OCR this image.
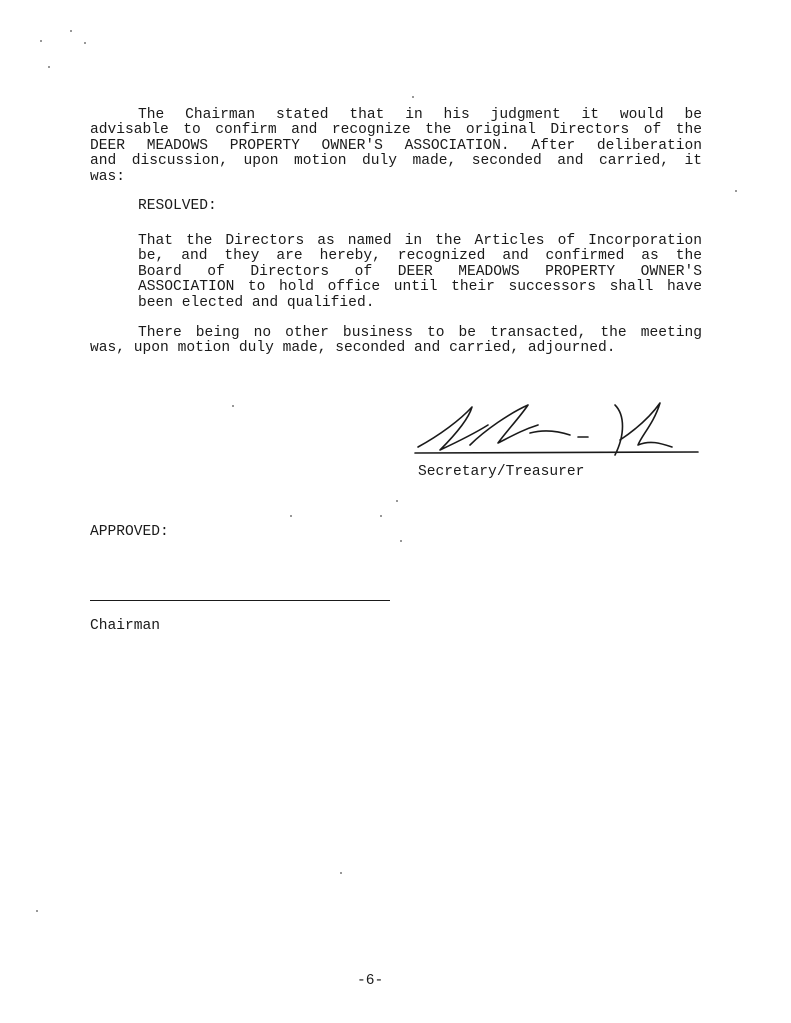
The Chairman stated that in his judgment it would be
advisable to confirm and recognize the original Directors of the
DEER MEADOWS PROPERTY OWNER'S ASSOCIATION. After deliberation
and discussion, upon motion duly made, seconded and carried, it
was:
RESOLVED:
That the Directors as named in the Articles of Incorporation
be, and they are hereby, recognized and confirmed as the
Board of Directors of DEER MEADOWS PROPERTY OWNER'S
ASSOCIATION to hold office until their successors shall have
been elected and qualified.
There being no other business to be transacted, the meeting
was, upon motion duly made, seconded and carried, adjourned.
Secretary/Treasurer
APPROVED:
Chairman
-6-
